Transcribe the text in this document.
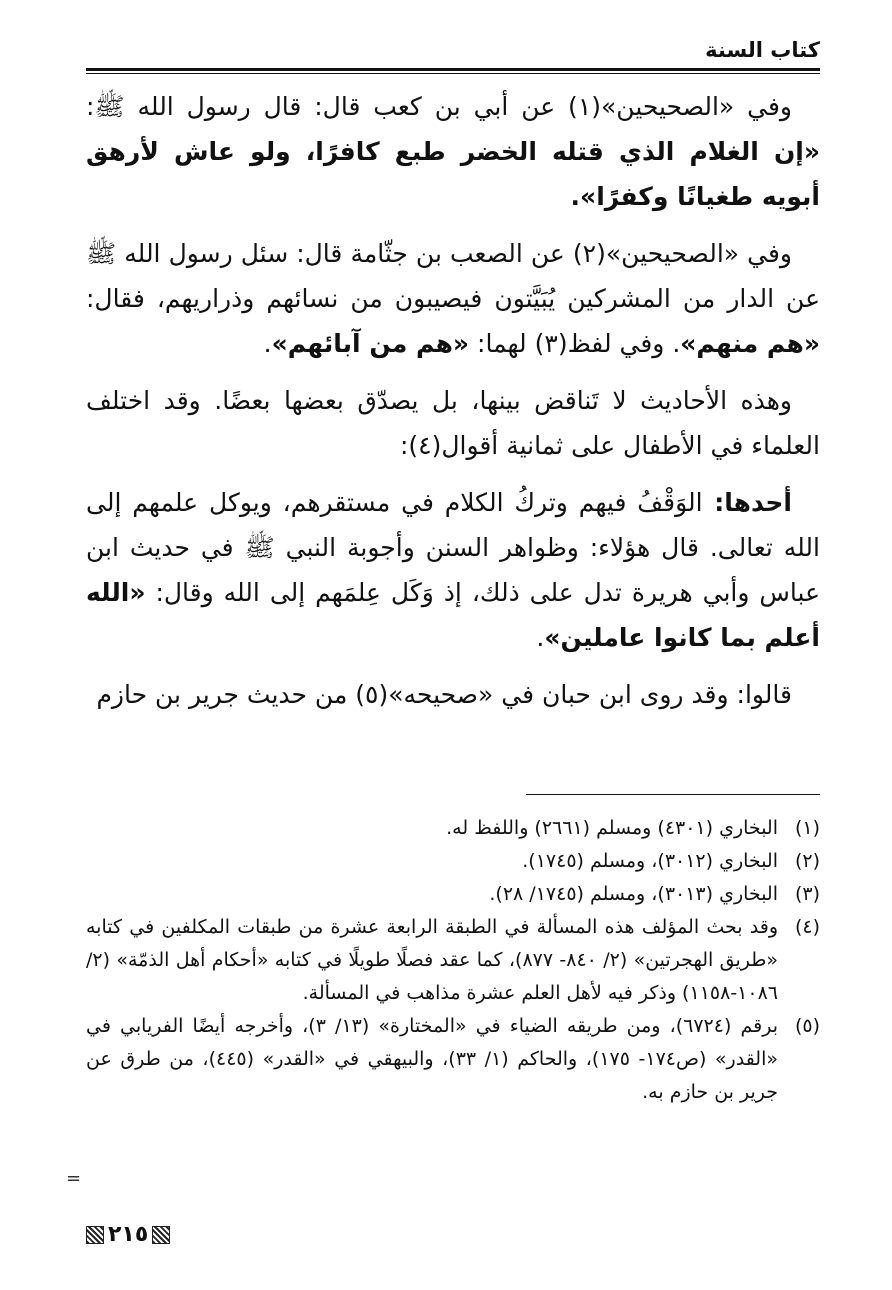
كتاب السنة

وفي «الصحيحين»(١) عن أبي بن كعب قال: قال رسول الله ﷺ: «إن الغلام الذي قتله الخضر طبع كافرًا، ولو عاش لأرهق أبويه طغيانًا وكفرًا».

وفي «الصحيحين»(٢) عن الصعب بن جثّامة قال: سئل رسول الله ﷺ عن الدار من المشركين يُبَيَّتون فيصيبون من نسائهم وذراريهم، فقال: «هم منهم». وفي لفظ(٣) لهما: «هم من آبائهم».

وهذه الأحاديث لا تَناقض بينها، بل يصدّق بعضها بعضًا. وقد اختلف العلماء في الأطفال على ثمانية أقوال(٤):

أحدها: الوَقْفُ فيهم وتركُ الكلام في مستقرهم، ويوكل علمهم إلى الله تعالى. قال هؤلاء: وظواهر السنن وأجوبة النبي ﷺ في حديث ابن عباس وأبي هريرة تدل على ذلك، إذ وَكَل عِلمَهم إلى الله وقال: «الله أعلم بما كانوا عاملين».

قالوا: وقد روى ابن حبان في «صحيحه»(٥) من حديث جرير بن حازم

(١)
البخاري (٤٣٠١) ومسلم (٢٦٦١) واللفظ له.
(٢)
البخاري (٣٠١٢)، ومسلم (١٧٤٥).
(٣)
البخاري (٣٠١٣)، ومسلم (١٧٤٥/ ٢٨).
(٤)
وقد بحث المؤلف هذه المسألة في الطبقة الرابعة عشرة من طبقات المكلفين في كتابه «طريق الهجرتين» (٢/ ٨٤٠- ٨٧٧)، كما عقد فصلًا طويلًا في كتابه «أحكام أهل الذمّة» (٢/ ١٠٨٦-١١٥٨) وذكر فيه لأهل العلم عشرة مذاهب في المسألة.
(٥)
برقم (٦٧٢٤)، ومن طريقه الضياء في «المختارة» (١٣/ ٣)، وأخرجه أيضًا الفريابي في «القدر» (ص١٧٤- ١٧٥)، والحاكم (١/ ٣٣)، والبيهقي في «القدر» (٤٤٥)، من طرق عن جرير بن حازم به.
=
٢١٥
